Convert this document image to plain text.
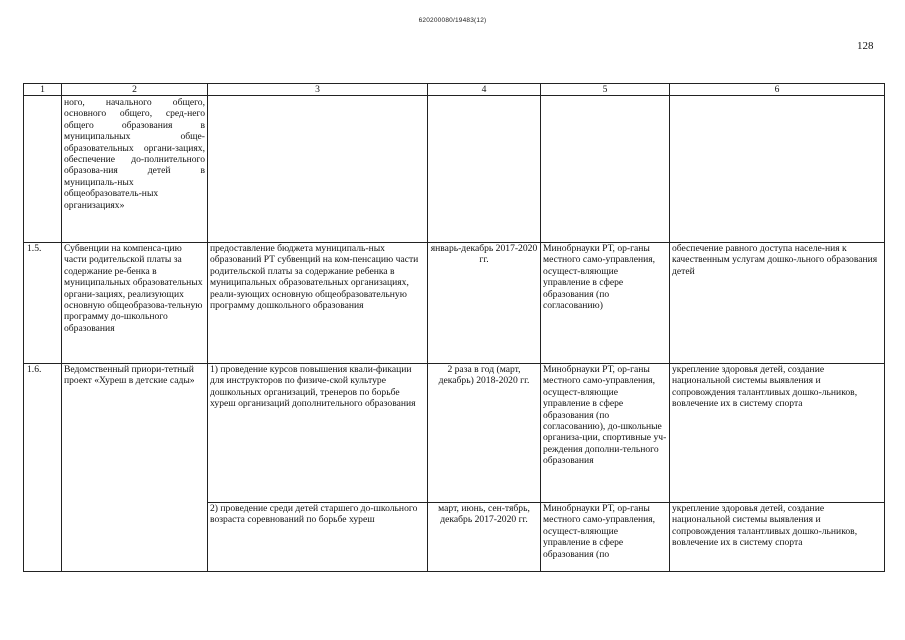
620200080/19483(12)
128
1	2	3	4	5	6

	ного, начального общего, основного общего, сред-него общего образования в муниципальных обще-образовательных органи-зациях, обеспечение до-полнительного образова-ния детей в муниципаль-ных общеобразователь-ных организациях»				

1.5.	Субвенции на компенса-цию части родительской платы за содержание ре-бенка в муниципальных образовательных органи-зациях, реализующих основную общеобразова-тельную программу до-школьного образования	предоставление бюджета муниципаль-ных образований РТ субвенций на ком-пенсацию части родительской платы за содержание ребенка в муниципальных образовательных организациях, реали-зующих основную общеобразовательную программу дошкольного образования	январь-декабрь 2017-2020 гг.	Минобрнауки РТ, ор-ганы местного само-управления, осущест-вляющие управление в сфере образования (по согласованию)	обеспечение равного доступа населе-ния к качественным услугам дошко-льного образования детей
1.6.	Ведомственный приори-тетный проект «Хуреш в детские сады»	1) проведение курсов повышения квали-фикации для инструкторов по физиче-ской культуре дошкольных организаций, тренеров по борьбе хуреш организаций дополнительного образования	2 раза в год (март, декабрь) 2018-2020 гг.	Минобрнауки РТ, ор-ганы местного само-управления, осущест-вляющие управление в сфере образования (по согласованию), до-школьные организа-ции, спортивные уч-реждения дополни-тельного образования	укрепление здоровья детей, создание национальной системы выявления и сопровождения талантливых дошко-льников, вовлечение их в систему спорта
		2) проведение среди детей старшего до-школьного возраста соревнований по борьбе хуреш	март, июнь, сен-тябрь, декабрь 2017-2020 гг.	Минобрнауки РТ, ор-ганы местного само-управления, осущест-вляющие управление в сфере образования (по	укрепление здоровья детей, создание национальной системы выявления и сопровождения талантливых дошко-льников, вовлечение их в систему спорта
